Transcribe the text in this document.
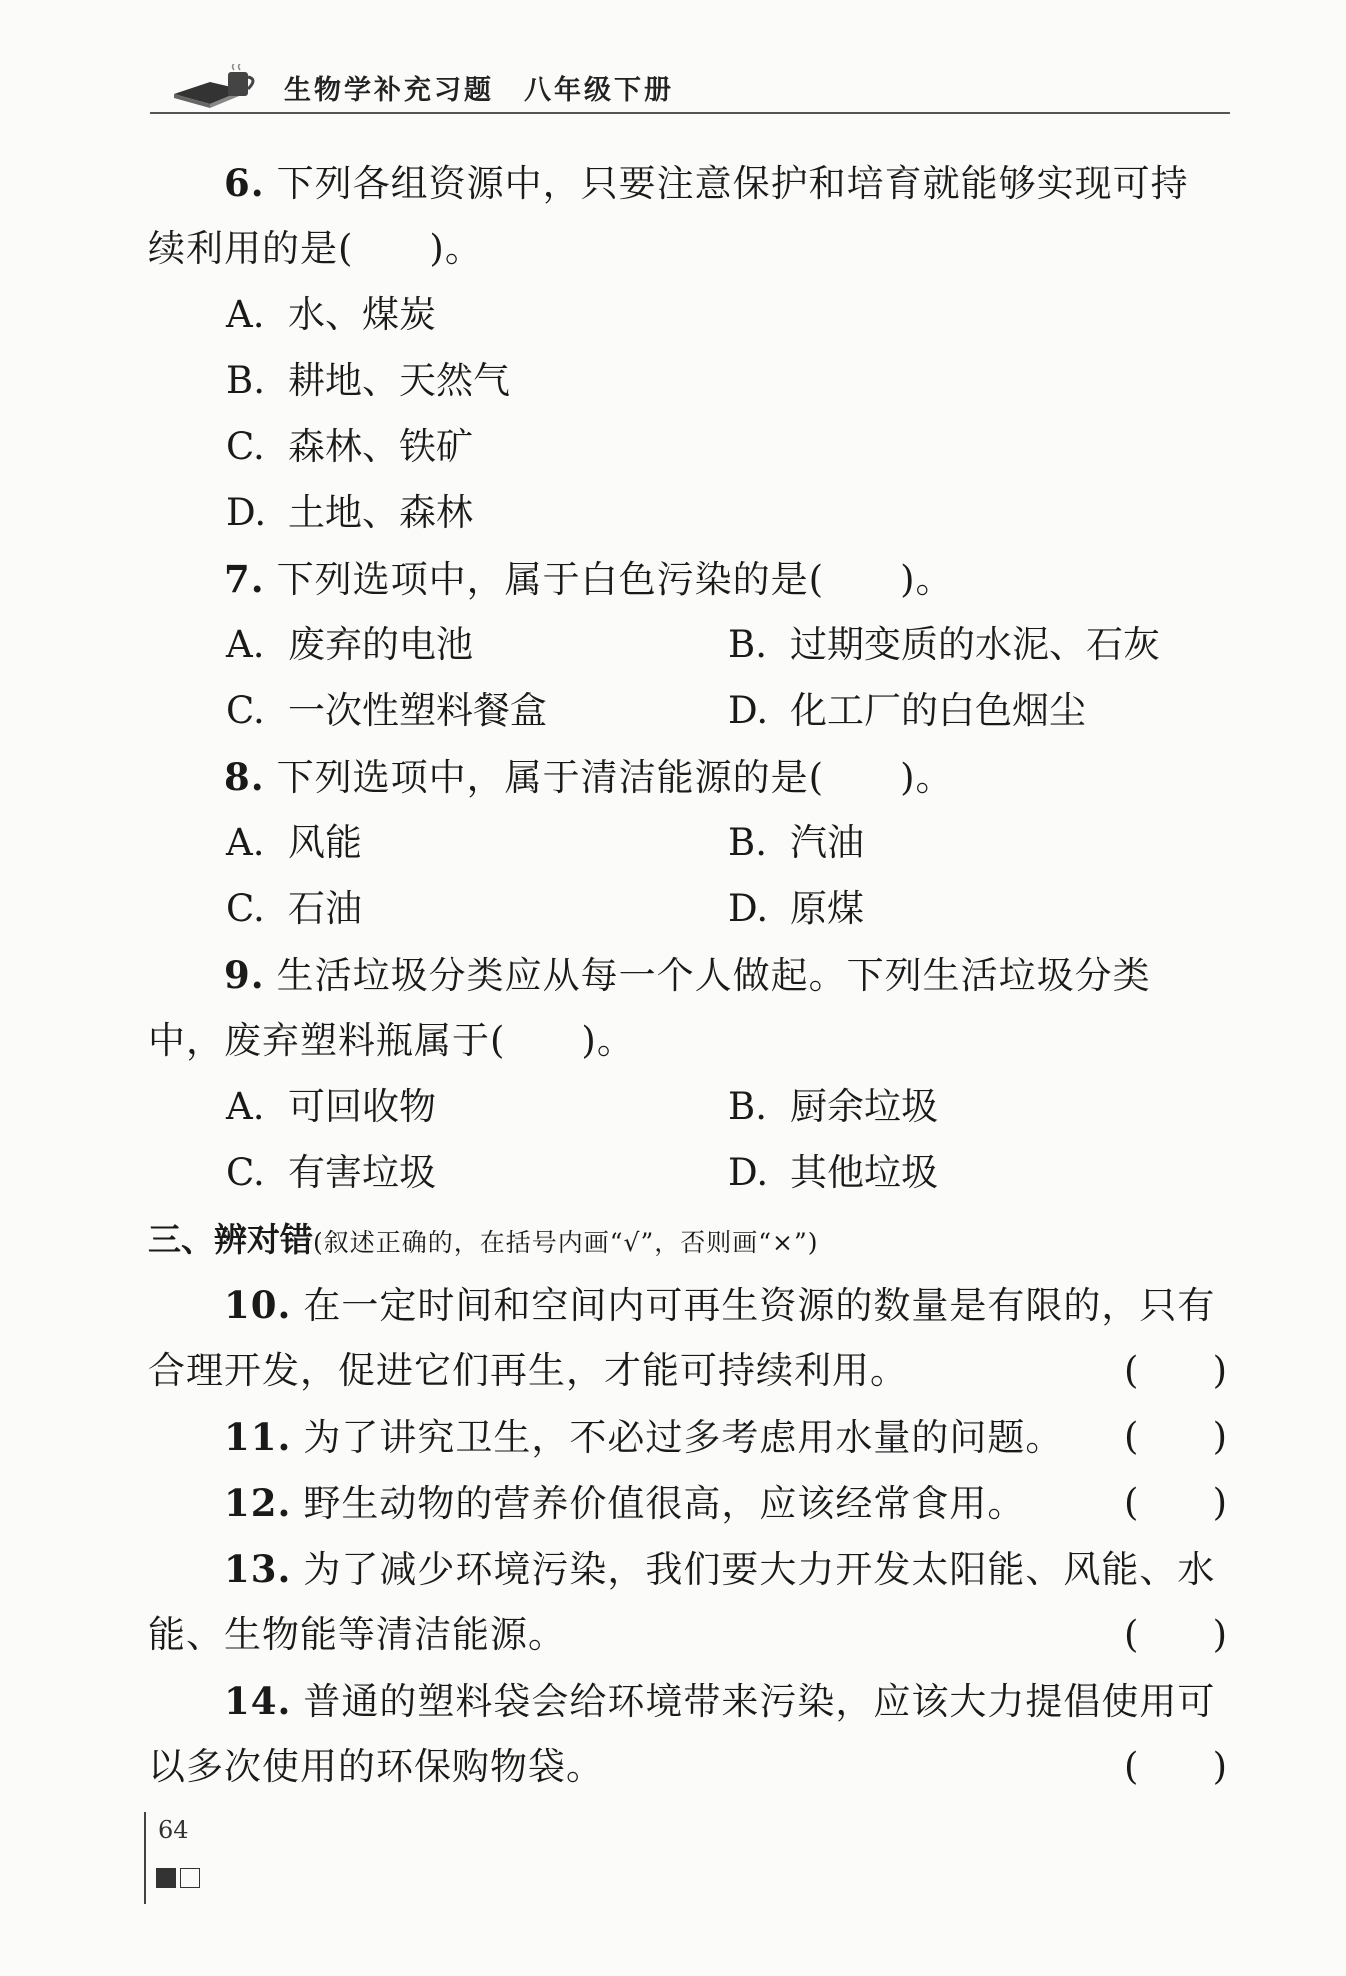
生物学补充习题 八年级下册
6. 下列各组资源中，只要注意保护和培育就能够实现可持
续利用的是(　　)。
A. 水、煤炭
B. 耕地、天然气
C. 森林、铁矿
D. 土地、森林
7. 下列选项中，属于白色污染的是(　　)。
A. 废弃的电池	B. 过期变质的水泥、石灰
C. 一次性塑料餐盒	D. 化工厂的白色烟尘
8. 下列选项中，属于清洁能源的是(　　)。
A. 风能	B. 汽油
C. 石油	D. 原煤
9. 生活垃圾分类应从每一个人做起。下列生活垃圾分类
中，废弃塑料瓶属于(　　)。
A. 可回收物	B. 厨余垃圾
C. 有害垃圾	D. 其他垃圾
三、辨对错(叙述正确的，在括号内画“√”，否则画“×”)
10. 在一定时间和空间内可再生资源的数量是有限的，只有
合理开发，促进它们再生，才能可持续利用。	( )
11. 为了讲究卫生，不必过多考虑用水量的问题。 ( )
12. 野生动物的营养价值很高，应该经常食用。	( )
13. 为了减少环境污染，我们要大力开发太阳能、风能、水
能、生物能等清洁能源。	( )
14. 普通的塑料袋会给环境带来污染，应该大力提倡使用可
以多次使用的环保购物袋。	( )
64
